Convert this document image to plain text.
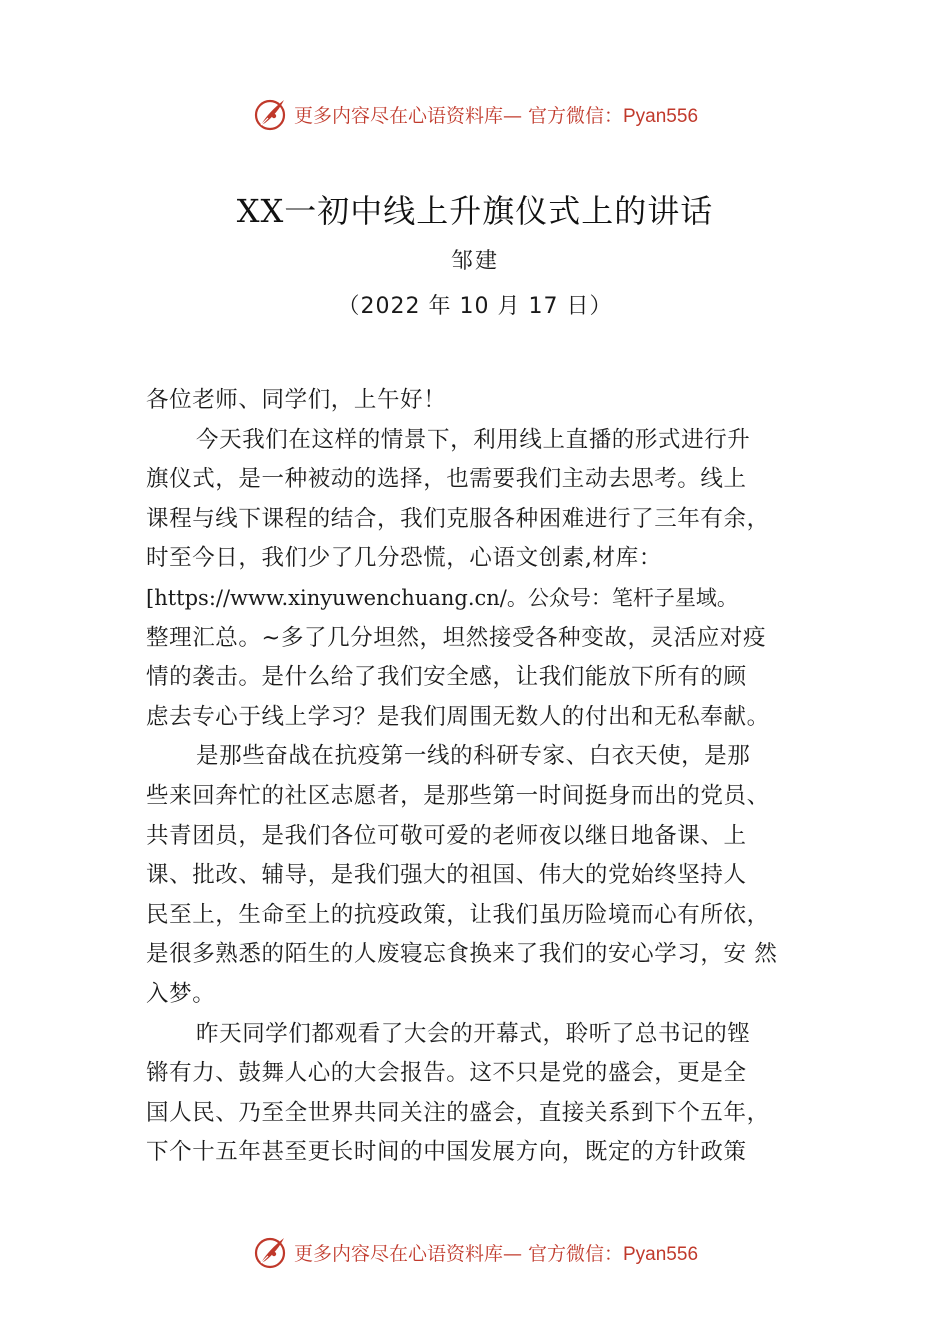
更多内容尽在心语资料库— 官方微信：Pyan556
XX一初中线上升旗仪式上的讲话
邹建
（2022 年 10 月 17 日）
各位老师、同学们，上午好！
今天我们在这样的情景下，利用线上直播的形式进行升
旗仪式，是一种被动的选择，也需要我们主动去思考。线上
课程与线下课程的结合，我们克服各种困难进行了三年有余，
时至今日，我们少了几分恐慌，心语文创素,材库：
[https://www.xinyuwenchuang.cn/。公众号：笔杆子星域。
整理汇总。~多了几分坦然，坦然接受各种变故，灵活应对疫
情的袭击。是什么给了我们安全感，让我们能放下所有的顾
虑去专心于线上学习？是我们周围无数人的付出和无私奉献。
是那些奋战在抗疫第一线的科研专家、白衣天使，是那
些来回奔忙的社区志愿者，是那些第一时间挺身而出的党员、
共青团员，是我们各位可敬可爱的老师夜以继日地备课、上
课、批改、辅导，是我们强大的祖国、伟大的党始终坚持人
民至上，生命至上的抗疫政策，让我们虽历险境而心有所依，
是很多熟悉的陌生的人废寝忘食换来了我们的安心学习，安 然
入梦。
昨天同学们都观看了大会的开幕式，聆听了总书记的铿
锵有力、鼓舞人心的大会报告。这不只是党的盛会，更是全
国人民、乃至全世界共同关注的盛会，直接关系到下个五年，
下个十五年甚至更长时间的中国发展方向，既定的方针政策
更多内容尽在心语资料库— 官方微信：Pyan556
